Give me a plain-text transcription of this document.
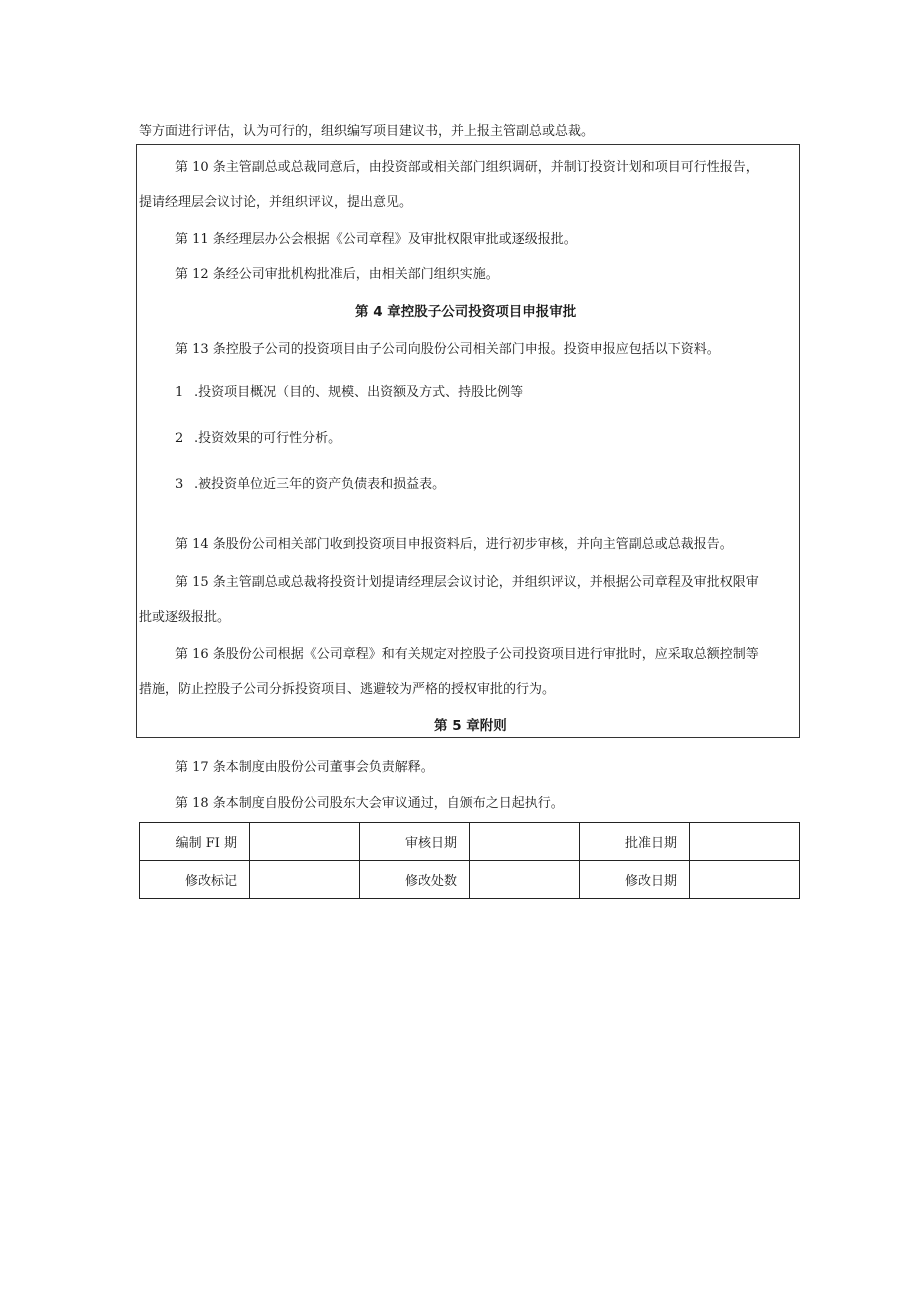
等方面进行评估，认为可行的，组织编写项目建议书，并上报主管副总或总裁。
第 10 条主管副总或总裁同意后，由投资部或相关部门组织调研，并制订投资计划和项目可行性报告，
提请经理层会议讨论，并组织评议，提出意见。
第 11 条经理层办公会根据《公司章程》及审批权限审批或逐级报批。
第 12 条经公司审批机构批准后，由相关部门组织实施。
第 4 章控股子公司投资项目申报审批
第 13 条控股子公司的投资项目由子公司向股份公司相关部门申报。投资申报应包括以下资料。
1 .投资项目概况（目的、规模、出资额及方式、持股比例等
2 .投资效果的可行性分析。
3 .被投资单位近三年的资产负债表和损益表。
第 14 条股份公司相关部门收到投资项目申报资料后，进行初步审核，并向主管副总或总裁报告。
第 15 条主管副总或总裁将投资计划提请经理层会议讨论，并组织评议，并根据公司章程及审批权限审
批或逐级报批。
第 16 条股份公司根据《公司章程》和有关规定对控股子公司投资项目进行审批时，应采取总额控制等
措施，防止控股子公司分拆投资项目、逃避较为严格的授权审批的行为。
第 5 章附则
第 17 条本制度由股份公司董事会负责解释。
第 18 条本制度自股份公司股东大会审议通过，自颁布之日起执行。
编制 FI 期		审核日期		批准日期	
修改标记		修改处数		修改日期	
